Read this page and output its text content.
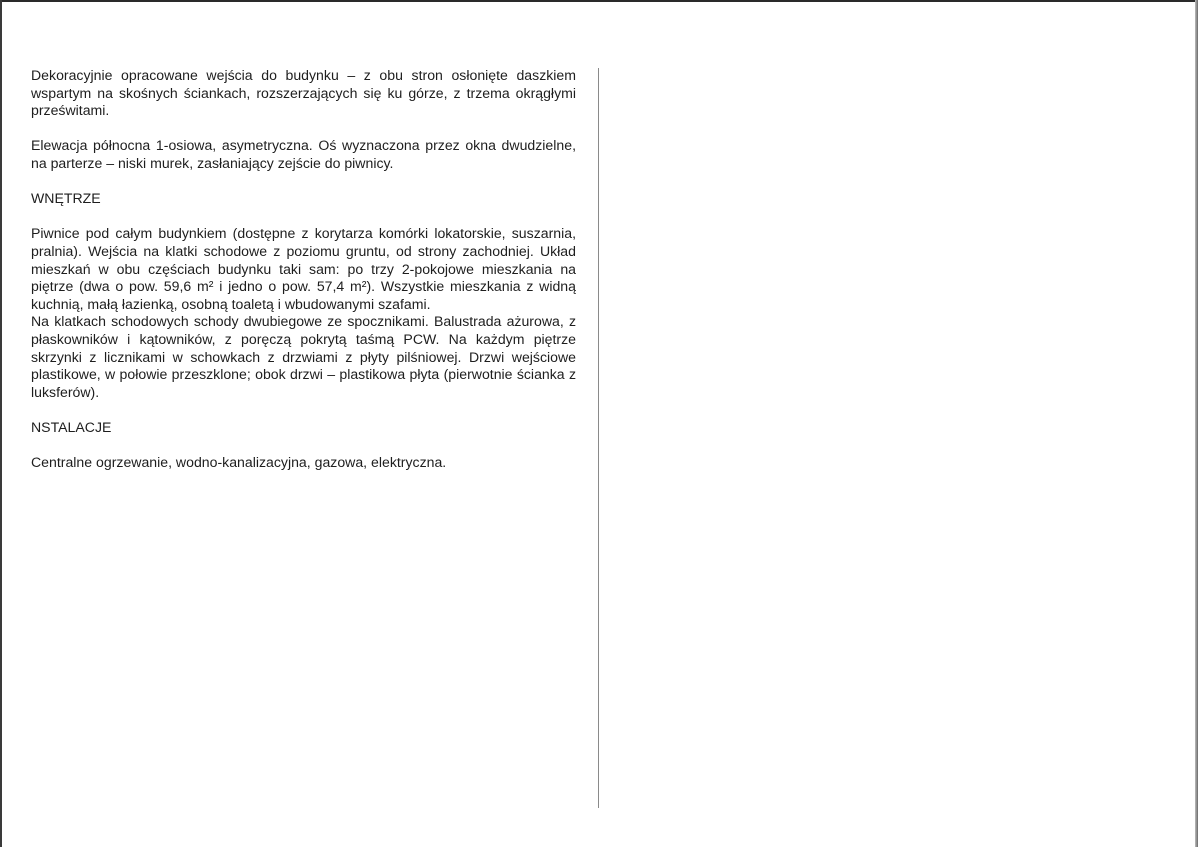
Dekoracyjnie opracowane wejścia do budynku – z obu stron osłonięte daszkiem wspartym na skośnych ściankach, rozszerzających się ku górze, z trzema okrągłymi prześwitami.

Elewacja północna 1-osiowa, asymetryczna. Oś wyznaczona przez okna dwudzielne, na parterze – niski murek, zasłaniający zejście do piwnicy.

WNĘTRZE

Piwnice pod całym budynkiem (dostępne z korytarza komórki lokatorskie, suszarnia, pralnia). Wejścia na klatki schodowe z poziomu gruntu, od strony zachodniej. Układ mieszkań w obu częściach budynku taki sam: po trzy 2-pokojowe mieszkania na piętrze (dwa o pow. 59,6 m² i jedno o pow. 57,4 m²). Wszystkie mieszkania z widną kuchnią, małą łazienką, osobną toaletą i wbudowanymi szafami.

Na klatkach schodowych schody dwubiegowe ze spocznikami. Balustrada ażurowa, z płaskowników i kątowników, z poręczą pokrytą taśmą PCW. Na każdym piętrze skrzynki z licznikami w schowkach z drzwiami z płyty pilśniowej. Drzwi wejściowe plastikowe, w połowie przeszklone; obok drzwi – plastikowa płyta (pierwotnie ścianka z luksferów).

NSTALACJE

Centralne ogrzewanie, wodno-kanalizacyjna, gazowa, elektryczna.
